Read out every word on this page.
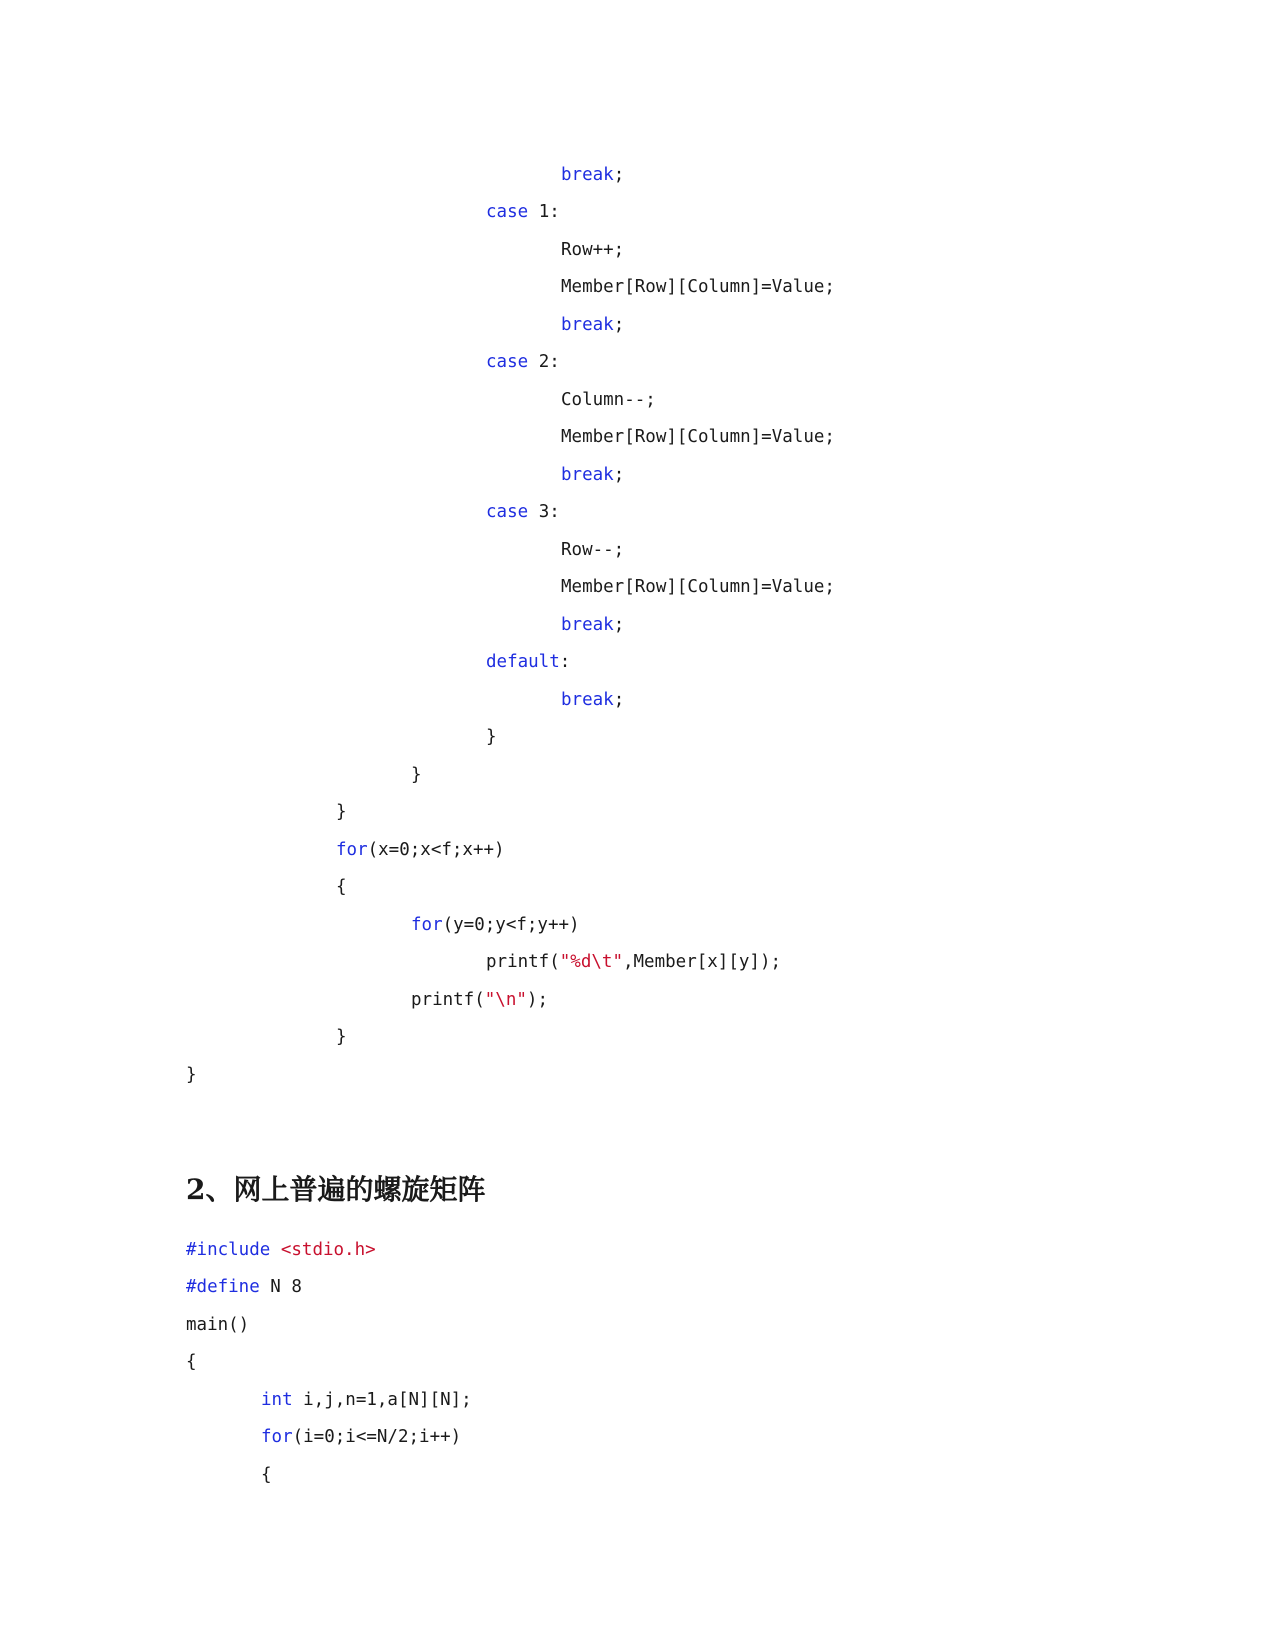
break;
case 1:
Row++;
Member[Row][Column]=Value;
break;
case 2:
Column--;
Member[Row][Column]=Value;
break;
case 3:
Row--;
Member[Row][Column]=Value;
break;
default:
break;
}
}
}
for(x=0;x<f;x++)
{
for(y=0;y<f;y++)
printf("%d\t",Member[x][y]);
printf("\n");
}
}
2、网上普遍的螺旋矩阵
#include <stdio.h>
#define N 8
main()
{
int i,j,n=1,a[N][N];
for(i=0;i<=N/2;i++)
{
